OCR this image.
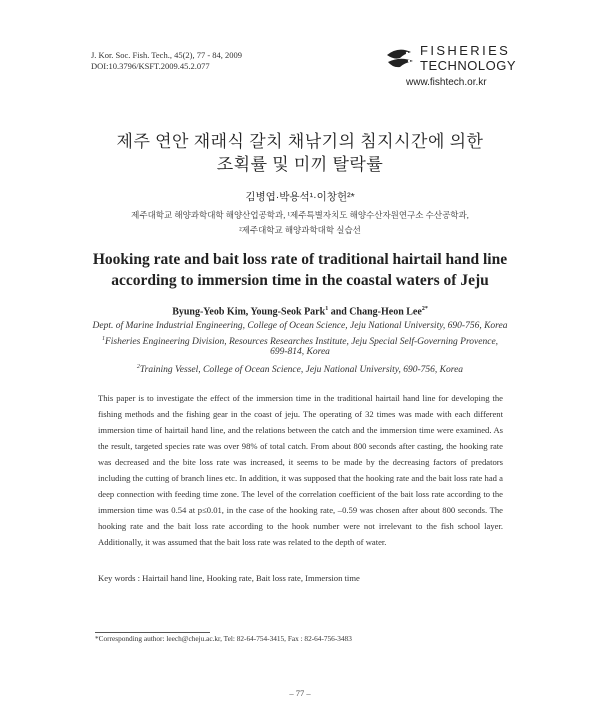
J. Kor. Soc. Fish. Tech., 45(2), 77 - 84, 2009
DOI:10.3796/KSFT.2009.45.2.077
FISHERIES
TECHNOLOGY
www.fishtech.or.kr
제주 연안 재래식 갈치 채낚기의 침지시간에 의한
조획률 및 미끼 탈락률
김병엽·박용석¹·이창헌²*
제주대학교 해양과학대학 해양산업공학과, ¹제주특별자치도 해양수산자원연구소 수산공학과,
²제주대학교 해양과학대학 실습선
Hooking rate and bait loss rate of traditional hairtail hand line
according to immersion time in the coastal waters of Jeju
Byung-Yeob Kim, Young-Seok Park$^1$ and Chang-Heon Lee$^{2*}$
Dept. of Marine Industrial Engineering, College of Ocean Science, Jeju National University, 690-756, Korea
$^1$Fisheries Engineering Division, Resources Researches Institute, Jeju Special Self-Governing Provence,
699-814, Korea
$^2$Training Vessel, College of Ocean Science, Jeju National University, 690-756, Korea
This paper is to investigate the effect of the immersion time in the traditional hairtail hand line for developing the fishing methods and the fishing gear in the coast of jeju. The operating of 32 times was made with each different immersion time of hairtail hand line, and the relations between the catch and the immersion time were examined. As the result, targeted species rate was over 98% of total catch. From about 800 seconds after casting, the hooking rate was decreased and the bite loss rate was increased, it seems to be made by the decreasing factors of predators including the cutting of branch lines etc. In addition, it was supposed that the hooking rate and the bait loss rate had a deep connection with feeding time zone. The level of the correlation coefficient of the bait loss rate according to the immersion time was 0.54 at p≤0.01, in the case of the hooking rate, –0.59 was chosen after about 800 seconds. The hooking rate and the bait loss rate according to the hook number were not irrelevant to the fish school layer. Additionally, it was assumed that the bait loss rate was related to the depth of water.
Key words : Hairtail hand line, Hooking rate, Bait loss rate, Immersion time
*Corresponding author: leech@cheju.ac.kr, Tel: 82-64-754-3415, Fax : 82-64-756-3483
– 77 –
